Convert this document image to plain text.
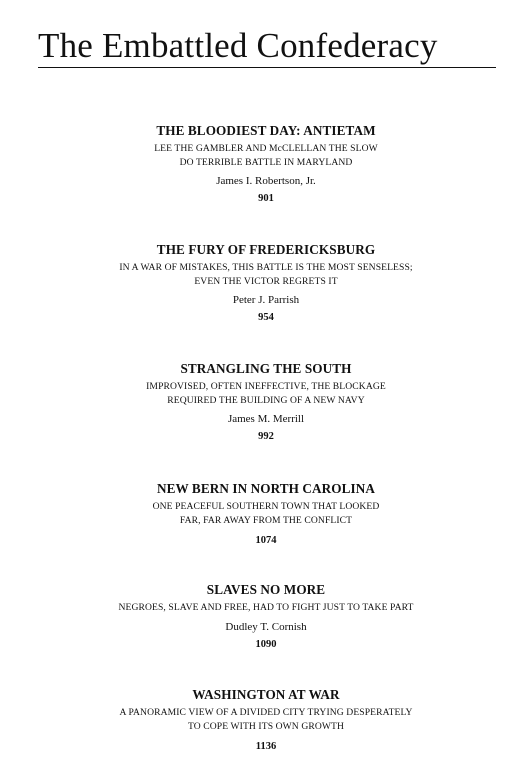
The Embattled Confederacy
THE BLOODIEST DAY: ANTIETAM
LEE THE GAMBLER AND McCLELLAN THE SLOW
DO TERRIBLE BATTLE IN MARYLAND
James I. Robertson, Jr.
901
THE FURY OF FREDERICKSBURG
IN A WAR OF MISTAKES, THIS BATTLE IS THE MOST SENSELESS;
EVEN THE VICTOR REGRETS IT
Peter J. Parrish
954
STRANGLING THE SOUTH
IMPROVISED, OFTEN INEFFECTIVE, THE BLOCKAGE
REQUIRED THE BUILDING OF A NEW NAVY
James M. Merrill
992
NEW BERN IN NORTH CAROLINA
ONE PEACEFUL SOUTHERN TOWN THAT LOOKED
FAR, FAR AWAY FROM THE CONFLICT
1074
SLAVES NO MORE
NEGROES, SLAVE AND FREE, HAD TO FIGHT JUST TO TAKE PART
Dudley T. Cornish
1090
WASHINGTON AT WAR
A PANORAMIC VIEW OF A DIVIDED CITY TRYING DESPERATELY
TO COPE WITH ITS OWN GROWTH
1136
